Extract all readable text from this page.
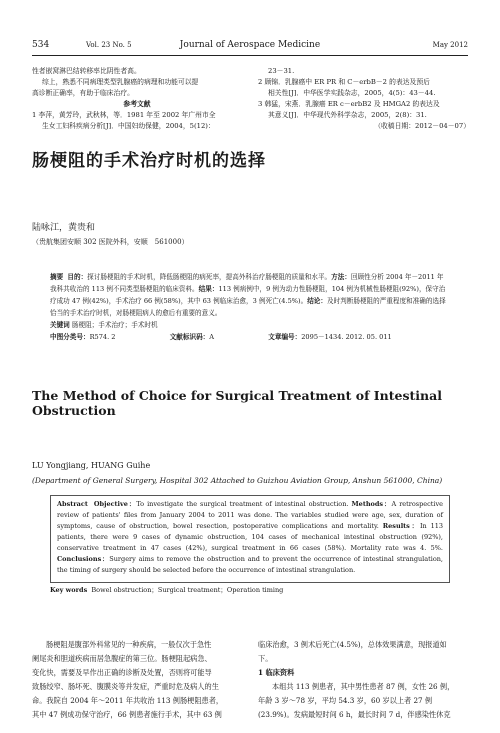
534	Vol. 23 No. 5	Journal of Aerospace Medicine	May 2012

性者嵌窝淋巴结转移率比阴性者高。

综上，熟悉不同病理类型乳腺癌的病理和功能可以提

高诊断正确率，有助于临床治疗。

参考文献

1 李萍，黄芳玲，武秋林，等．1981 年至 2002 年广州市全

生女工妇科疾病分析[J]．中国妇幼保健，2004，5(12)：

23－31.

2 顾锦．乳腺癌中 ER PR 和 C－erbB－2 的表达及预后

相关性[J]．中华医学实践杂志，2005，4(5)：43－44.

3 韩猛，宋燕．乳腺癌 ER c－erbB2 及 HMGA2 的表达及

其意义[J]．中华现代外科学杂志，2005，2(8)：31.

（收稿日期：2012－04－07）

肠梗阻的手术治疗时机的选择
陆咏江，黄贵和
（贵航集团安顺 302 医院外科，安顺　561000）

摘要 目的：探讨肠梗阻的手术时机，降低肠梗阻的病死率，提高外科治疗肠梗阻的质量和水平。方法：回顾性分析 2004 年－2011 年我科共收治的 113 例不同类型肠梗阻的临床资料。结果：113 例病例中，9 例为动力性肠梗阻，104 例为机械性肠梗阻(92%)，保守治疗成功 47 例(42%)，手术治疗 66 例(58%)，其中 63 例临床治愈，3 例死亡(4.5%)。结论：及时判断肠梗阻的严重程度和准确的选择恰当的手术治疗时机，对肠梗阻病人的愈后有重要的意义。

关键词 肠梗阻；手术治疗；手术时机

中图分类号：R574. 2	文献标识码：A	文章编号：2095－1434. 2012. 05. 011

The Method of Choice for Surgical Treatment of Intestinal Obstruction
LU Yongjiang, HUANG Guihe
(Department of General Surgery, Hospital 302 Attached to Guizhou Aviation Group, Anshun 561000, China)

Abstract Objective：To investigate the surgical treatment of intestinal obstruction. Methods：A retrospective review of patients' files from January 2004 to 2011 was done. The variables studied were age, sex, duration of symptoms, cause of obstruction, bowel resection, postoperative complications and mortality. Results：In 113 patients, there were 9 cases of dynamic obstruction, 104 cases of mechanical intestinal obstruction (92%), conservative treatment in 47 cases (42%), surgical treatment in 66 cases (58%). Mortality rate was 4. 5%. Conclusions：Surgery aims to remove the obstruction and to prevent the occurrence of intestinal strangulation, the timing of surgery should be selected before the occurrence of intestinal strangulation.

Key words Bowel obstruction；Surgical treatment；Operation timing

肠梗阻是腹部外科常见的一种疾病，一般仅次于急性

阑尾炎和胆道疾病而居急腹症的第三位。肠梗阻起病急、

变化快，需要及早作出正确的诊断及处置，否则将可能导

致肠绞窄、肠坏死、腹膜炎等并发症，严重时危及病人的生

命。我院自 2004 年～2011 年共收治 113 例肠梗阻患者，

其中 47 例成功保守治疗，66 例患者施行手术，其中 63 例

临床治愈，3 例术后死亡(4.5%)，总体效果满意，现报道如

下。

1 临床资料

本组共 113 例患者，其中男性患者 87 例，女性 26 例，

年龄 3 岁～78 岁，平均 54.3 岁，60 岁以上者 27 例

(23.9%)。发病最短时间 6 h，最长时间 7 d，伴感染性休克
